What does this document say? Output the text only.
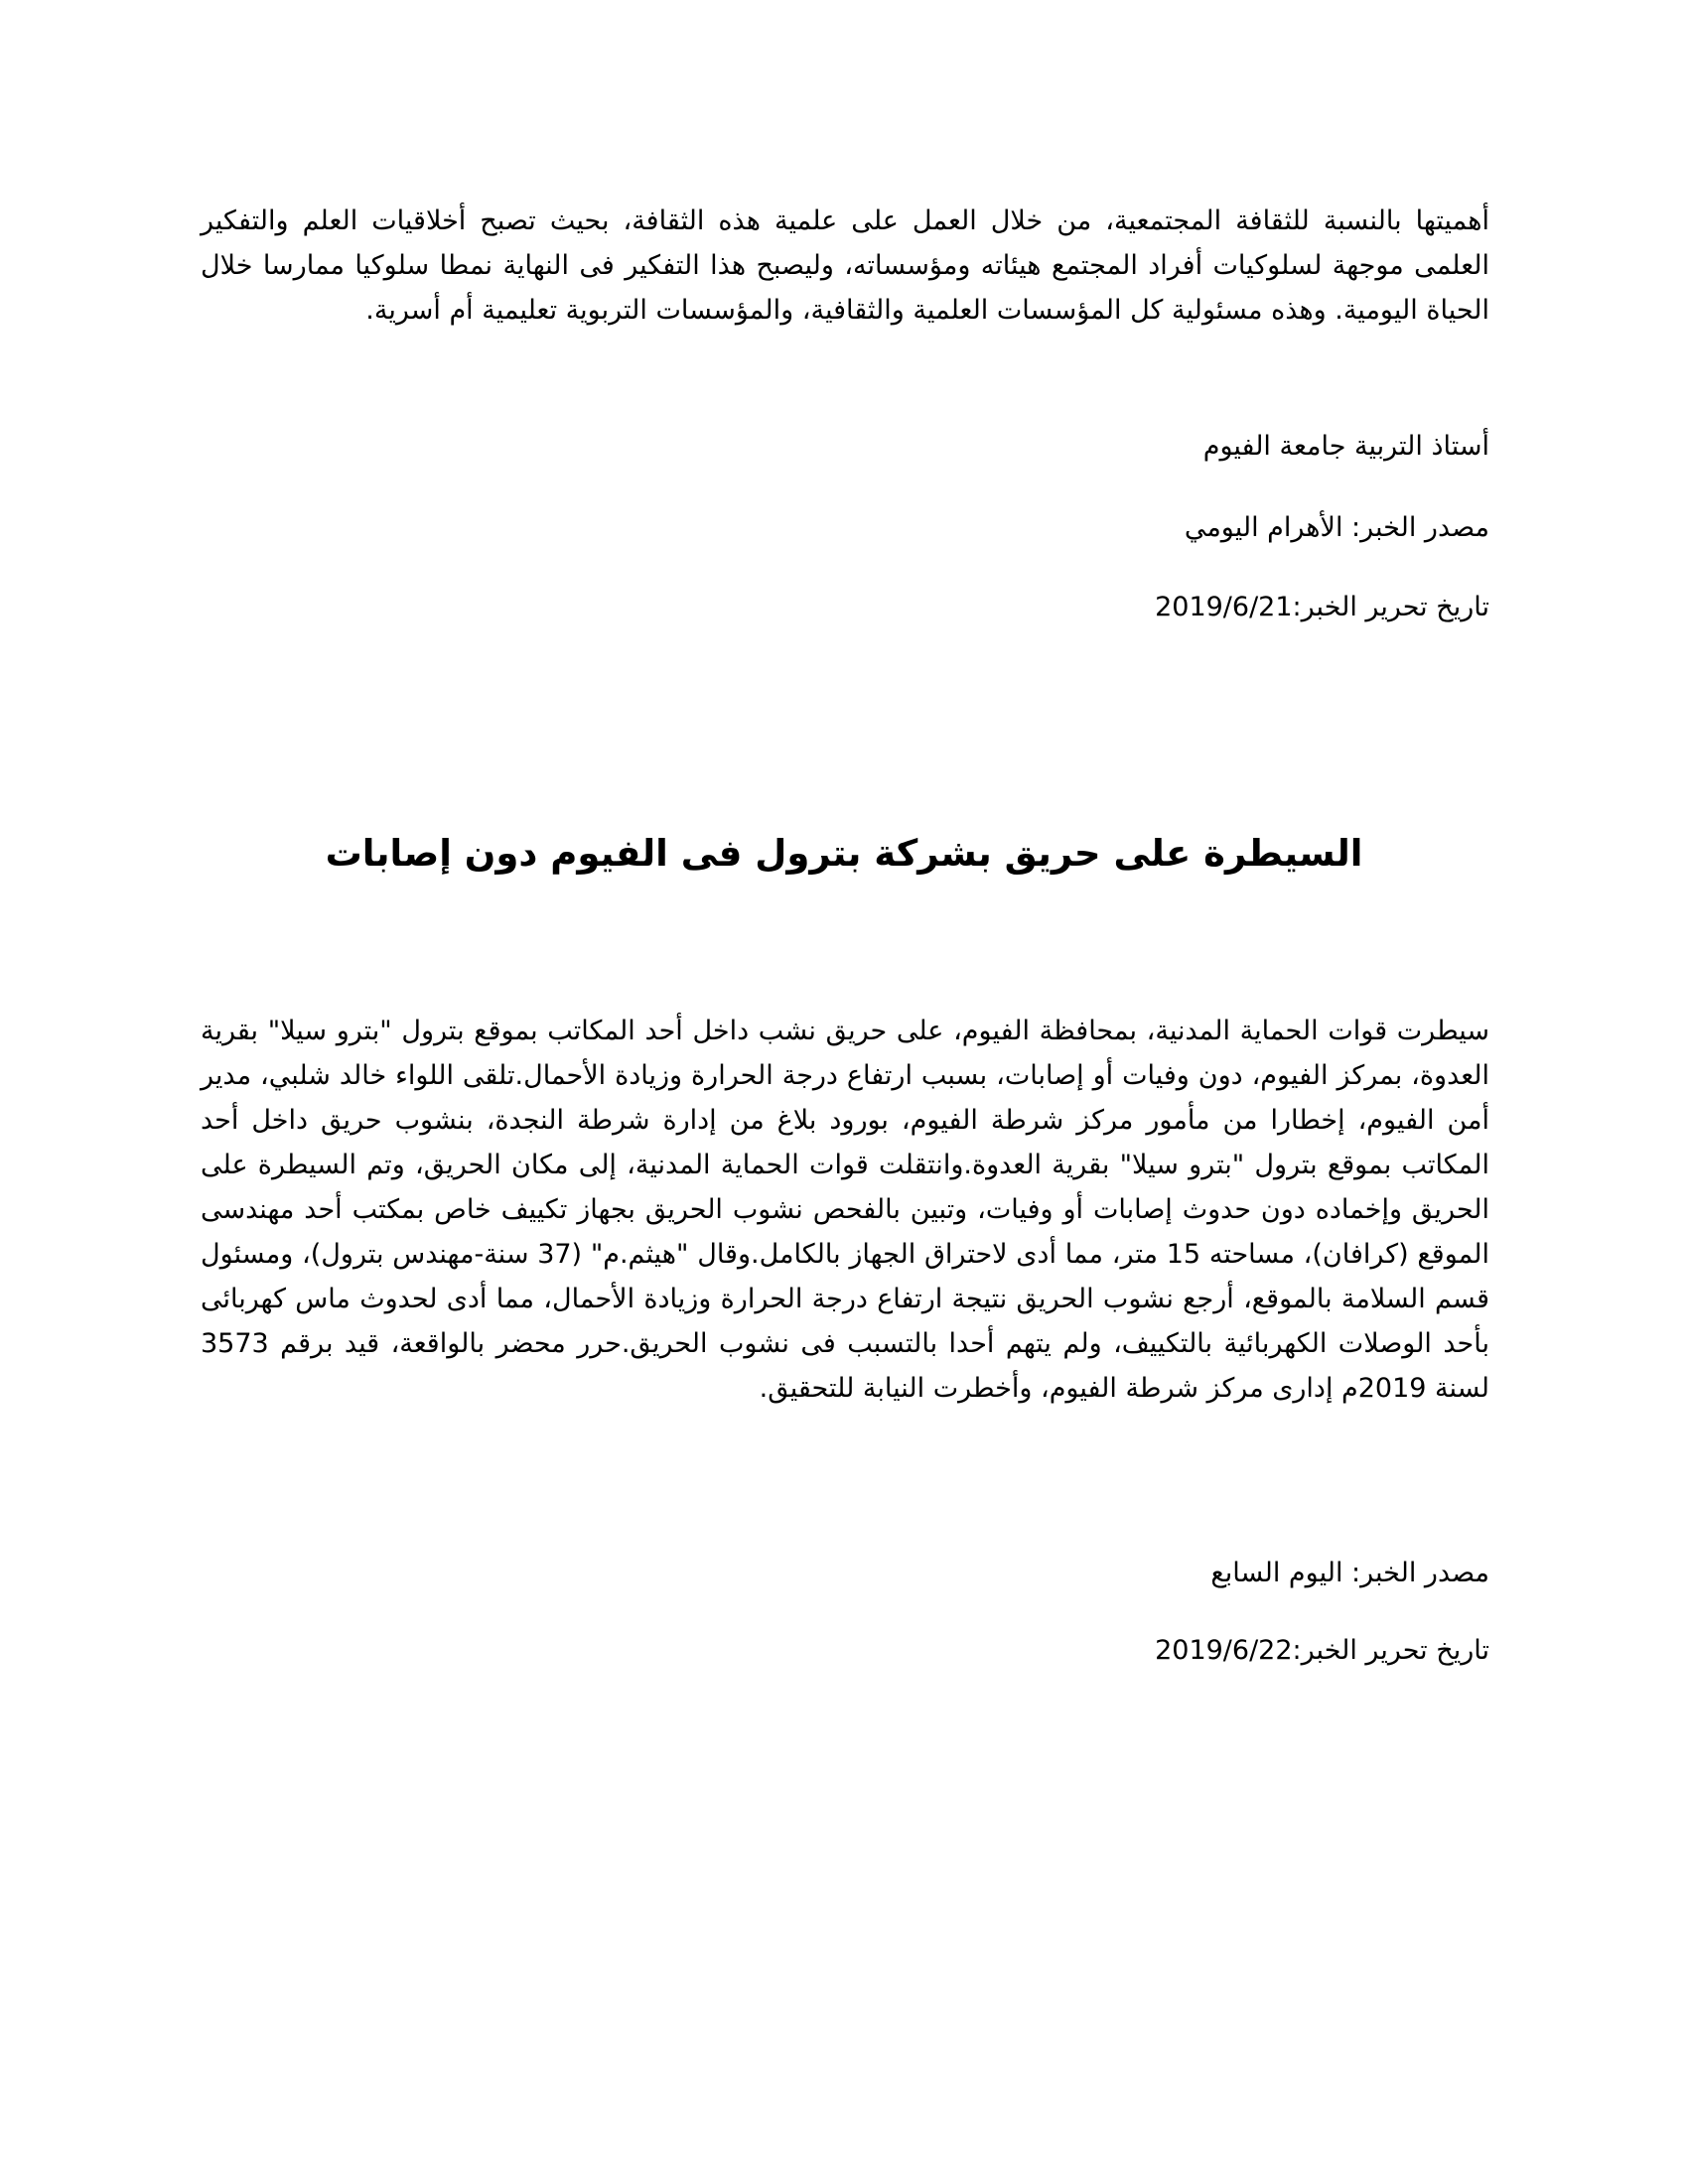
أهميتها بالنسبة للثقافة المجتمعية، من خلال العمل على علمية هذه الثقافة، بحيث تصبح أخلاقيات العلم والتفكير العلمى موجهة لسلوكيات أفراد المجتمع هيئاته ومؤسساته، وليصبح هذا التفكير فى النهاية نمطا سلوكيا ممارسا خلال الحياة اليومية. وهذه مسئولية كل المؤسسات العلمية والثقافية، والمؤسسات التربوية تعليمية أم أسرية.

أستاذ التربية جامعة الفيوم
مصدر الخبر: الأهرام اليومي
تاريخ تحرير الخبر:2019/6/21
السيطرة على حريق بشركة بترول فى الفيوم دون إصابات

سيطرت قوات الحماية المدنية، بمحافظة الفيوم، على حريق نشب داخل أحد المكاتب بموقع بترول "بترو سيلا" بقرية العدوة، بمركز الفيوم، دون وفيات أو إصابات، بسبب ارتفاع درجة الحرارة وزيادة الأحمال.تلقى اللواء خالد شلبي، مدير أمن الفيوم، إخطارا من مأمور مركز شرطة الفيوم، بورود بلاغ من إدارة شرطة النجدة، بنشوب حريق داخل أحد المكاتب بموقع بترول "بترو سيلا" بقرية العدوة.وانتقلت قوات الحماية المدنية، إلى مكان الحريق، وتم السيطرة على الحريق وإخماده دون حدوث إصابات أو وفيات، وتبين بالفحص نشوب الحريق بجهاز تكييف خاص بمكتب أحد مهندسى الموقع (كرافان)، مساحته 15 متر، مما أدى لاحتراق الجهاز بالكامل.وقال "هيثم.م" (37 سنة-مهندس بترول)، ومسئول قسم السلامة بالموقع، أرجع نشوب الحريق نتيجة ارتفاع درجة الحرارة وزيادة الأحمال، مما أدى لحدوث ماس كهربائى بأحد الوصلات الكهربائية بالتكييف، ولم يتهم أحدا بالتسبب فى نشوب الحريق.حرر محضر بالواقعة، قيد برقم 3573 لسنة 2019م إدارى مركز شرطة الفيوم، وأخطرت النيابة للتحقيق.

مصدر الخبر: اليوم السابع
تاريخ تحرير الخبر:2019/6/22
